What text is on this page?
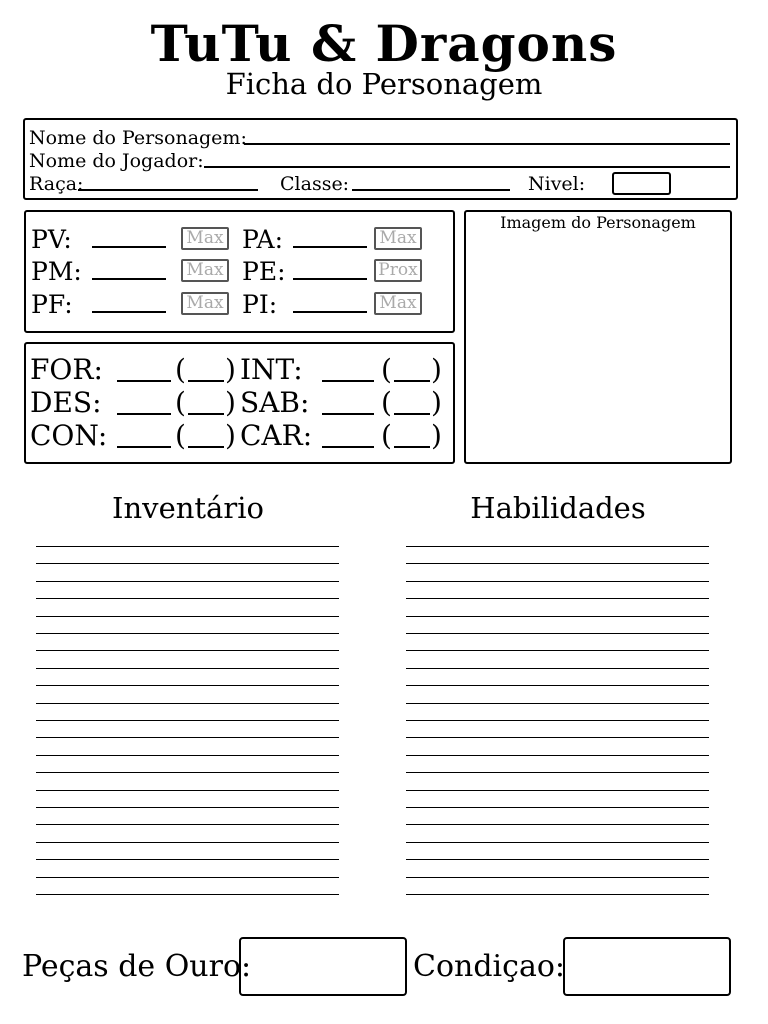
TuTu & Dragons
Ficha do Personagem
Nome do Personagem:
Nome do Jogador:
Raça:	Classe:	Nivel:
PV:	Max
PM:	Max
PF:	Max
PA:	Max
PE:	Prox
PI:	Max
FOR:	( )
DES:	( )
CON: ( )
INT:	( )
SAB:	( )
CAR: ( )
Imagem do Personagem
Inventário	Habilidades
Peças de Ouro:	Condiçao:
